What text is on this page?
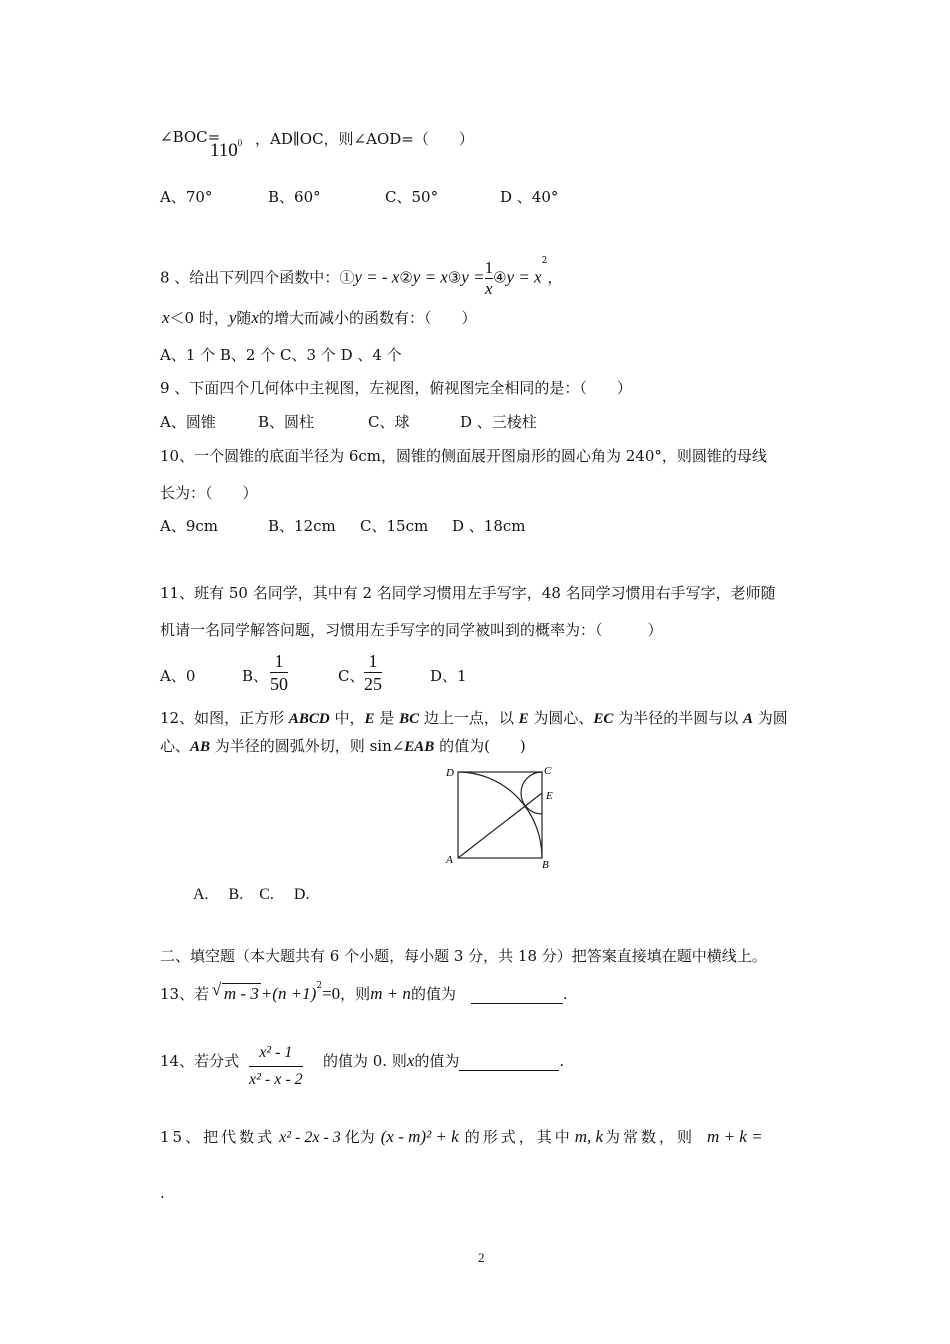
∠BOC=
$110^0$ ，AD∥OC，则∠AOD=（　　）
A、70°	B、60°	C、50°	D 、40°
8 、给出下列四个函数中：①y = - x②y = x③y = $\frac{1}{x}$ ④y = $x^2$，
x＜0 时，y随x的增大而减小的函数有：（　　）
A、1 个 B、2 个 C、3 个 D 、4 个
9 、下面四个几何体中主视图，左视图，俯视图完全相同的是：（　　）
A、圆锥	B、圆柱	C、球	D 、三棱柱
10、一个圆锥的底面半径为 6cm，圆锥的侧面展开图扇形的圆心角为 240°，则圆锥的母线
长为：（　　）
A、9cm	B、12cm C、15cm D 、18cm
11、班有 50 名同学，其中有 2 名同学习惯用左手写字，48 名同学习惯用右手写字，老师随
机请一名同学解答问题，习惯用左手写字的同学被叫到的概率为：（　　　）
A、0	B、 $\frac{1}{50}$	C、 $\frac{1}{25}$	D、1
12、如图，正方形 ABCD 中，E 是 BC 边上一点，以 E 为圆心、EC 为半径的半圆与以 A 为圆
心、AB 为半径的圆弧外切，则 sin∠EAB 的值为(　　)
D	C
E
A	B
A.　 B.　C.　 D.
二、填空题（本大题共有 6 个小题，每小题 3 分，共 18 分）把答案直接填在题中横线上。
13、若 √ $m - 3 +(n +1)^2=0$，则m + n的值为	.
14、若分式 $\frac{\text{x² - 1}}{\text{x² - x - 2}}$ 的值为 0. 则x的值为	.
15、把代数式 x² - 2x - 3 化为 (x - m)² + k 的形式，其中 m, k 为常数，则 m + k =
.
2
